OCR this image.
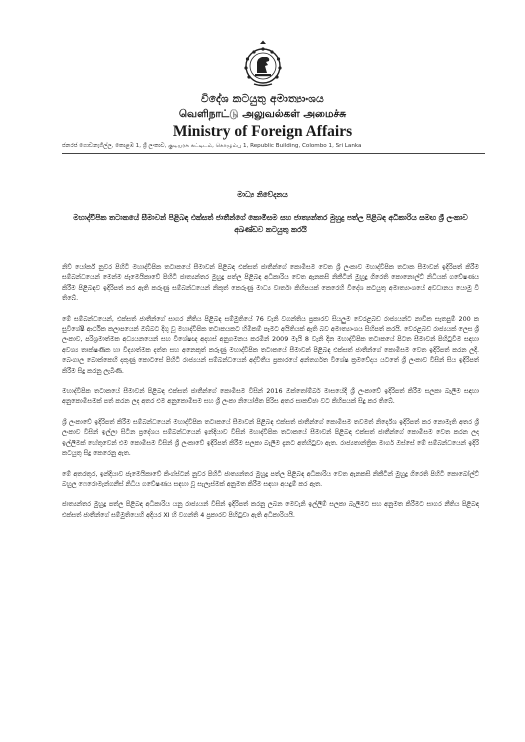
විදේශ කටයුතු අමාත්‍යාංශය
வெளிநாட்டு அலுவல்கள் அமைச்சு
Ministry of Foreign Affairs
ජනරජ ගොඩනැගිල්ල, කොළඹ 1, ශ්‍රී ලංකාව, குடியரசு கட்டிடம், கொழும்பு 1, Republic Building, Colombo 1, Sri Lanka
මාධ්‍ය නිවේදනය
මහාද්වීපික තටාකයේ සීමාවන් පිළිබඳ එක්සත් ජාතීන්ගේ කොමිසම සහ ජාත්‍යන්තර මුහුදු පත්ල පිළිබඳ අධිකාරිය සමඟ ශ්‍රී ලංකාව අඛණ්ඩව කටයුතු කරයි

නිව් යෝර්ක් නුවර පිහිටි මහාද්වීපික තටාකයේ සීමාවන් පිළිබඳ එක්සත් ජාතීන්ගේ කොමිසම වෙත ශ්‍රී ලංකාව මහාද්වීපික තටාක සීමාවන් ඉදිරිපත් කිරීම සම්බන්ධයෙන් මෙන්ම ජැමෙයිකාවේ පිහිටි ජාත්‍යන්තර මුහුදු පත්ල පිළිබඳ අධිකාරිය වෙත ඇනකසි නිකීටින් මුහුදු ගිරෙති කොනොල්ට් නිධියක් ගවේෂණය කිරීම පිළිබඳව ඉදිරිපත් කර ඇති කරුණු සම්බන්ධයෙන් නිකුත් කෙරුණු මාධ්‍ය වාර්තා කිහිපයක් කෙරෙහි විදේශ කටයුතු අමාත්‍යාංශයේ අවධානය යොමු වී තිබේ.

මේ සම්බන්ධයෙන්, එක්සත් ජාතීන්ගේ සාගර නීතිය පිළිබඳ සම්මුතියේ 76 වැනි වගන්තිය ප්‍රකාරව සියලුම වෙරළබඩ රාජ්‍යයන්ට නාවික සැතපුම් 200 ක සුවිශේෂී ආර්ථික කලාපයෙන් ඔබ්බට දිගු වූ මහාද්වීපික තටාකයකට හිමිකම් පෑමට අයිතියක් ඇති බව අමාත්‍යාංශය සිහිපත් කරයි. වෙරළබඩ රාජ්‍යයක් ලෙස ශ්‍රී ලංකාව, පරිශ්‍රමාත්මක අධ්‍යයනයෙන් සහ විශේෂඥ අදහස් අනුගමනය කරමින් 2009 මැයි 8 වැනි දින මහාද්වීපික තටාකයේ පිටත සීමාවන් පිහිටුවීම සඳහා අවශ්‍ය තාක්ෂණික හා විද්‍යාත්මක දත්ත සහ අනෙකුත් කරුණු මහාද්වීපික තටාකයේ සීමාවන් පිළිබඳ එක්සත් ජාතීන්ගේ කොමිසම වෙත ඉදිරිපත් කරන ලදී. බෙංගාල බොක්කෙහි දකුණු කොටසේ පිහිටි රාජ්‍යයන් සම්බන්ධයෙන් අද්විතීය ප්‍රකාරයේ අන්තර්ගත විශේෂ ක්‍රමවේදය යටතේ ශ්‍රී ලංකාව විසින් සිය ඉදිරිපත් කිරීම සිදු කරනු ලැබිණි.

මහාද්වීපික තටාකයේ සීමාවන් පිළිබඳ එක්සත් ජාතීන්ගේ කොමිසම විසින් 2016 ඔක්තෝම්බර් මාසයේදී ශ්‍රී ලංකාවේ ඉදිරිපත් කිරීම සලකා බැලීම සඳහා අනුකොමිසමක් පත් කරන ලද අතර එම අනුකොමිසම සහ ශ්‍රී ලංකා නියෝජිත පිරිස අතර සාකච්ඡා වට කිහිපයක් සිදු කර තිබේ.

ශ්‍රී ලංකාවේ ඉදිරිපත් කිරීම සම්බන්ධයෙන් මහාද්වීපික තටාකයේ සීමාවන් පිළිබඳ එක්සත් ජාතීන්ගේ කොමිසම තවමත් නිර්දේශ ඉදිරිපත් කර නොමැති අතර ශ්‍රී ලංකාව විසින් ඉල්ලා සිටින ප්‍රදේශය සම්බන්ධයෙන් ඉන්දියාව විසින් මහාද්වීපික තටාකයේ සීමාවන් පිළිබඳ එක්සත් ජාතීන්ගේ කොමිසම වෙත කරන ලද ඉල්ලීමක් හේතුවෙන් එම කොමිසම විසින් ශ්‍රී ලංකාවේ ඉදිරිපත් කිරීම සලකා බැලීම දැනට අත්හිටුවා ඇත. රාජ්‍යතාන්ත්‍රික මාර්ග ඔස්සේ මේ සම්බන්ධයෙන් ඉදිරි කටයුතු සිදු කෙරෙනු ඇත.

මේ අතරතුර, ඉන්දියාව ජැමෙයිකාවේ කිංග්ස්ටන් නුවර පිහිටි ජාත්‍යන්තර මුහුදු පත්ල පිළිබඳ අධිකාරිය වෙත ඇනකසි නිකීටින් මුහුදු ගිරෙති පිහිටි කොබෝල්ට් බහුල ෆෙරොමැන්ගනීස් නිධිය ගවේෂණය සඳහා වූ සැලැස්මක් අනුමත කිරීම සඳහා අයදුම් කර ඇත.

ජාත්‍යන්තර මුහුදු පත්ල පිළිබඳ අධිකාරිය යනු රාජ්‍යයන් විසින් ඉදිරිපත් කරනු ලබන මෙවැනි ඉල්ලීම් සලකා බැලීමට සහ අනුමත කිරීමට සාගර නීතිය පිළිබඳ එක්සත් ජාතීන්ගේ සම්මුතියෙහි අදියර XI හි වගන්ති 4 ප්‍රකාරව පිහිටුවා ඇති අධිකාරියයි.
